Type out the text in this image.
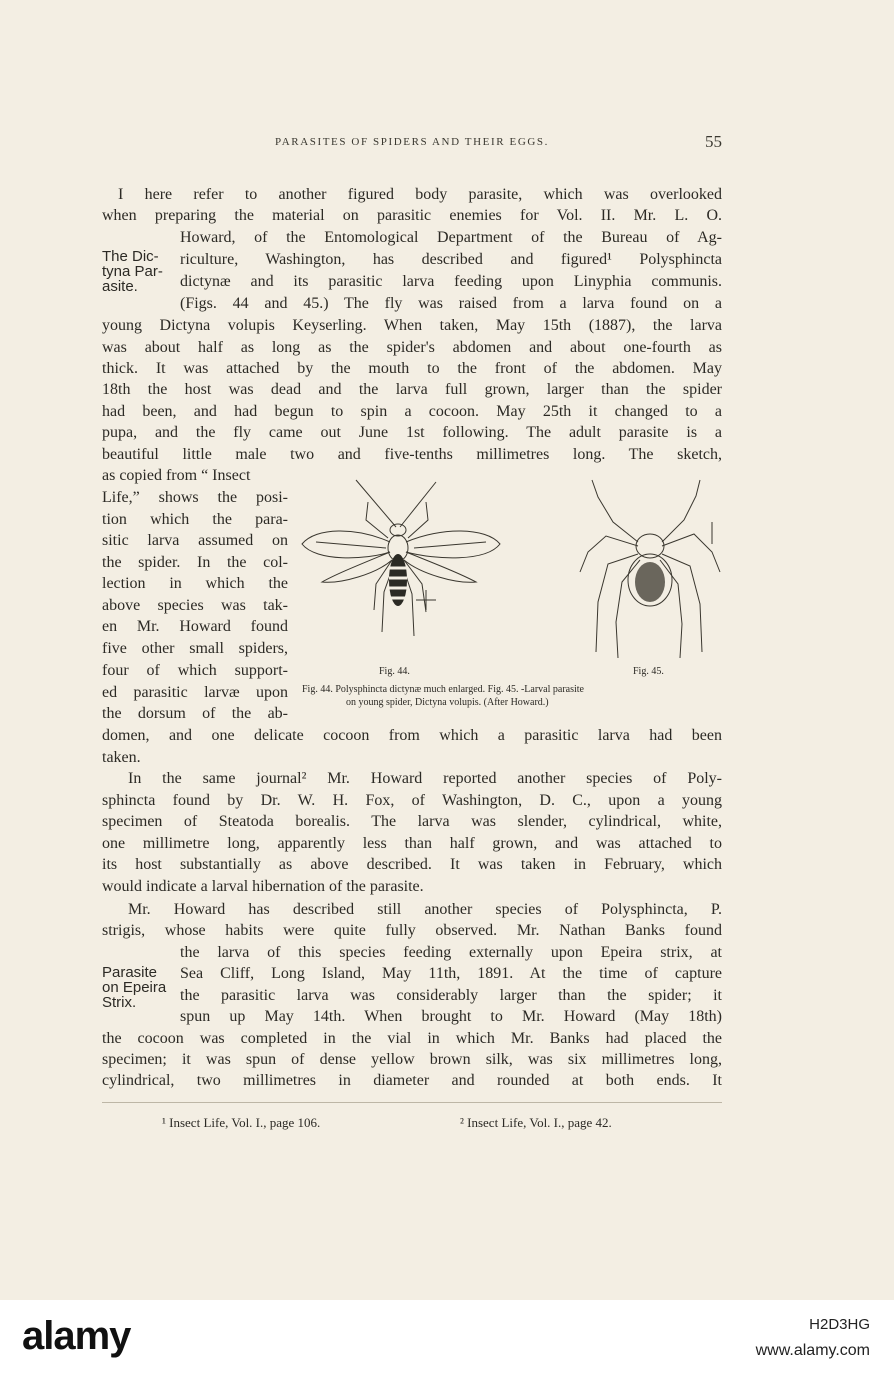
PARASITES OF SPIDERS AND THEIR EGGS.	55
I here refer to another figured body parasite, which was overlooked
when preparing the material on parasitic enemies for Vol. II. Mr. L. O.
Howard, of the Entomological Department of the Bureau of Ag-
riculture, Washington, has described and figured¹ Polysphincta
dictynæ and its parasitic larva feeding upon Linyphia communis.
(Figs. 44 and 45.) The fly was raised from a larva found on a
young Dictyna volupis Keyserling. When taken, May 15th (1887), the larva
was about half as long as the spider's abdomen and about one-fourth as
thick. It was attached by the mouth to the front of the abdomen. May
18th the host was dead and the larva full grown, larger than the spider
had been, and had begun to spin a cocoon. May 25th it changed to a
pupa, and the fly came out June 1st following. The adult parasite is a
beautiful little male two and five-tenths millimetres long. The sketch,
as copied from “ Insect
Life,” shows the posi-
tion which the para-
sitic larva assumed on
the spider. In the col-
lection in which the
above species was tak-
en Mr. Howard found
five other small spiders,
four of which support-
ed parasitic larvæ upon
the dorsum of the ab-
domen, and one delicate cocoon from which a parasitic larva had been
taken.
In the same journal² Mr. Howard reported another species of Poly-
sphincta found by Dr. W. H. Fox, of Washington, D. C., upon a young
specimen of Steatoda borealis. The larva was slender, cylindrical, white,
one millimetre long, apparently less than half grown, and was attached to
its host substantially as above described. It was taken in February, which
would indicate a larval hibernation of the parasite.
Mr. Howard has described still another species of Polysphincta, P.
strigis, whose habits were quite fully observed. Mr. Nathan Banks found
the larva of this species feeding externally upon Epeira strix, at
Sea Cliff, Long Island, May 11th, 1891. At the time of capture
the parasitic larva was considerably larger than the spider; it
spun up May 14th. When brought to Mr. Howard (May 18th)
the cocoon was completed in the vial in which Mr. Banks had placed the
specimen; it was spun of dense yellow brown silk, was six millimetres long,
cylindrical, two millimetres in diameter and rounded at both ends. It
The Dic-
tyna Par-
asite.
Parasite
on Epeira
Strix.
Fig. 44.	Fig. 45.
Fig. 44. Polysphincta dictynæ much enlarged. Fig. 45. -Larval parasite
on young spider, Dictyna volupis. (After Howard.)
¹ Insect Life, Vol. I., page 106.	² Insect Life, Vol. I., page 42.
alamy	H2D3HG
www.alamy.com
